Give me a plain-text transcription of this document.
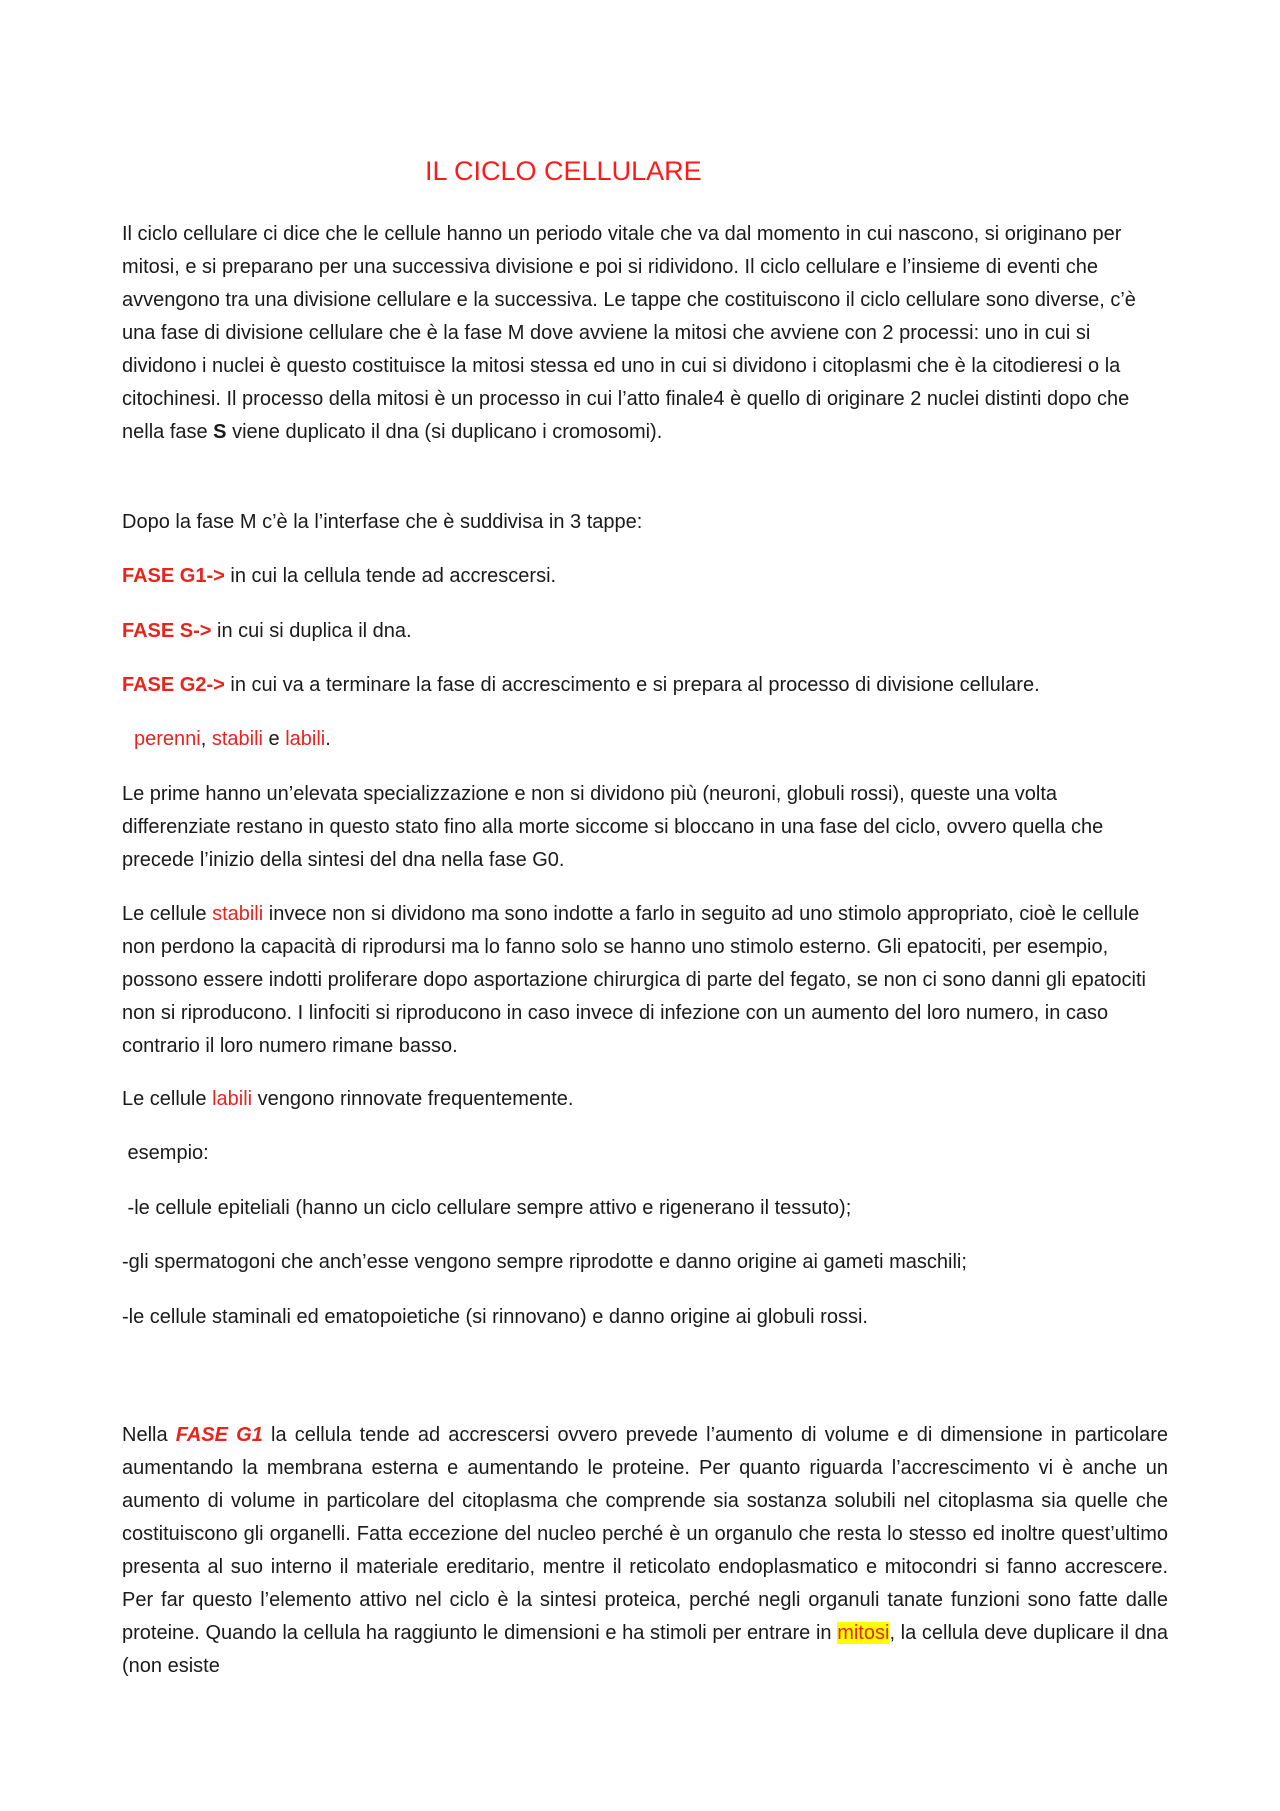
IL CICLO CELLULARE

Il ciclo cellulare ci dice che le cellule hanno un periodo vitale che va dal momento in cui nascono, si originano per mitosi, e si preparano per una successiva divisione e poi si ridividono. Il ciclo cellulare e l’insieme di eventi che avvengono tra una divisione cellulare e la successiva. Le tappe che costituiscono il ciclo cellulare sono diverse, c’è una fase di divisione cellulare che è la fase M dove avviene la mitosi che avviene con 2 processi: uno in cui si dividono i nuclei è questo costituisce la mitosi stessa ed uno in cui si dividono i citoplasmi che è la citodieresi o la citochinesi. Il processo della mitosi è un processo in cui l’atto finale4 è quello di originare 2 nuclei distinti dopo che nella fase S viene duplicato il dna (si duplicano i cromosomi).

Dopo la fase M c’è la l’interfase che è suddivisa in 3 tappe:

FASE G1-> in cui la cellula tende ad accrescersi.

FASE S-> in cui si duplica il dna.

FASE G2-> in cui va a terminare la fase di accrescimento e si prepara al processo di divisione cellulare.

perenni, stabili e labili.

Le prime hanno un’elevata specializzazione e non si dividono più (neuroni, globuli rossi), queste una volta differenziate restano in questo stato fino alla morte siccome si bloccano in una fase del ciclo, ovvero quella che precede l’inizio della sintesi del dna nella fase G0.

Le cellule stabili invece non si dividono ma sono indotte a farlo in seguito ad uno stimolo appropriato, cioè le cellule non perdono la capacità di riprodursi ma lo fanno solo se hanno uno stimolo esterno. Gli epatociti, per esempio, possono essere indotti proliferare dopo asportazione chirurgica di parte del fegato, se non ci sono danni gli epatociti non si riproducono. I linfociti si riproducono in caso invece di infezione con un aumento del loro numero, in caso contrario il loro numero rimane basso.

Le cellule labili vengono rinnovate frequentemente.

esempio:

-le cellule epiteliali (hanno un ciclo cellulare sempre attivo e rigenerano il tessuto);

-gli spermatogoni che anch’esse vengono sempre riprodotte e danno origine ai gameti maschili;

-le cellule staminali ed ematopoietiche (si rinnovano) e danno origine ai globuli rossi.

Nella FASE G1 la cellula tende ad accrescersi ovvero prevede l’aumento di volume e di dimensione in particolare aumentando la membrana esterna e aumentando le proteine. Per quanto riguarda l’accrescimento vi è anche un aumento di volume in particolare del citoplasma che comprende sia sostanza solubili nel citoplasma sia quelle che costituiscono gli organelli. Fatta eccezione del nucleo perché è un organulo che resta lo stesso ed inoltre quest’ultimo presenta al suo interno il materiale ereditario, mentre il reticolato endoplasmatico e mitocondri si fanno accrescere. Per far questo l’elemento attivo nel ciclo è la sintesi proteica, perché negli organuli tanate funzioni sono fatte dalle proteine. Quando la cellula ha raggiunto le dimensioni e ha stimoli per entrare in mitosi, la cellula deve duplicare il dna (non esiste
